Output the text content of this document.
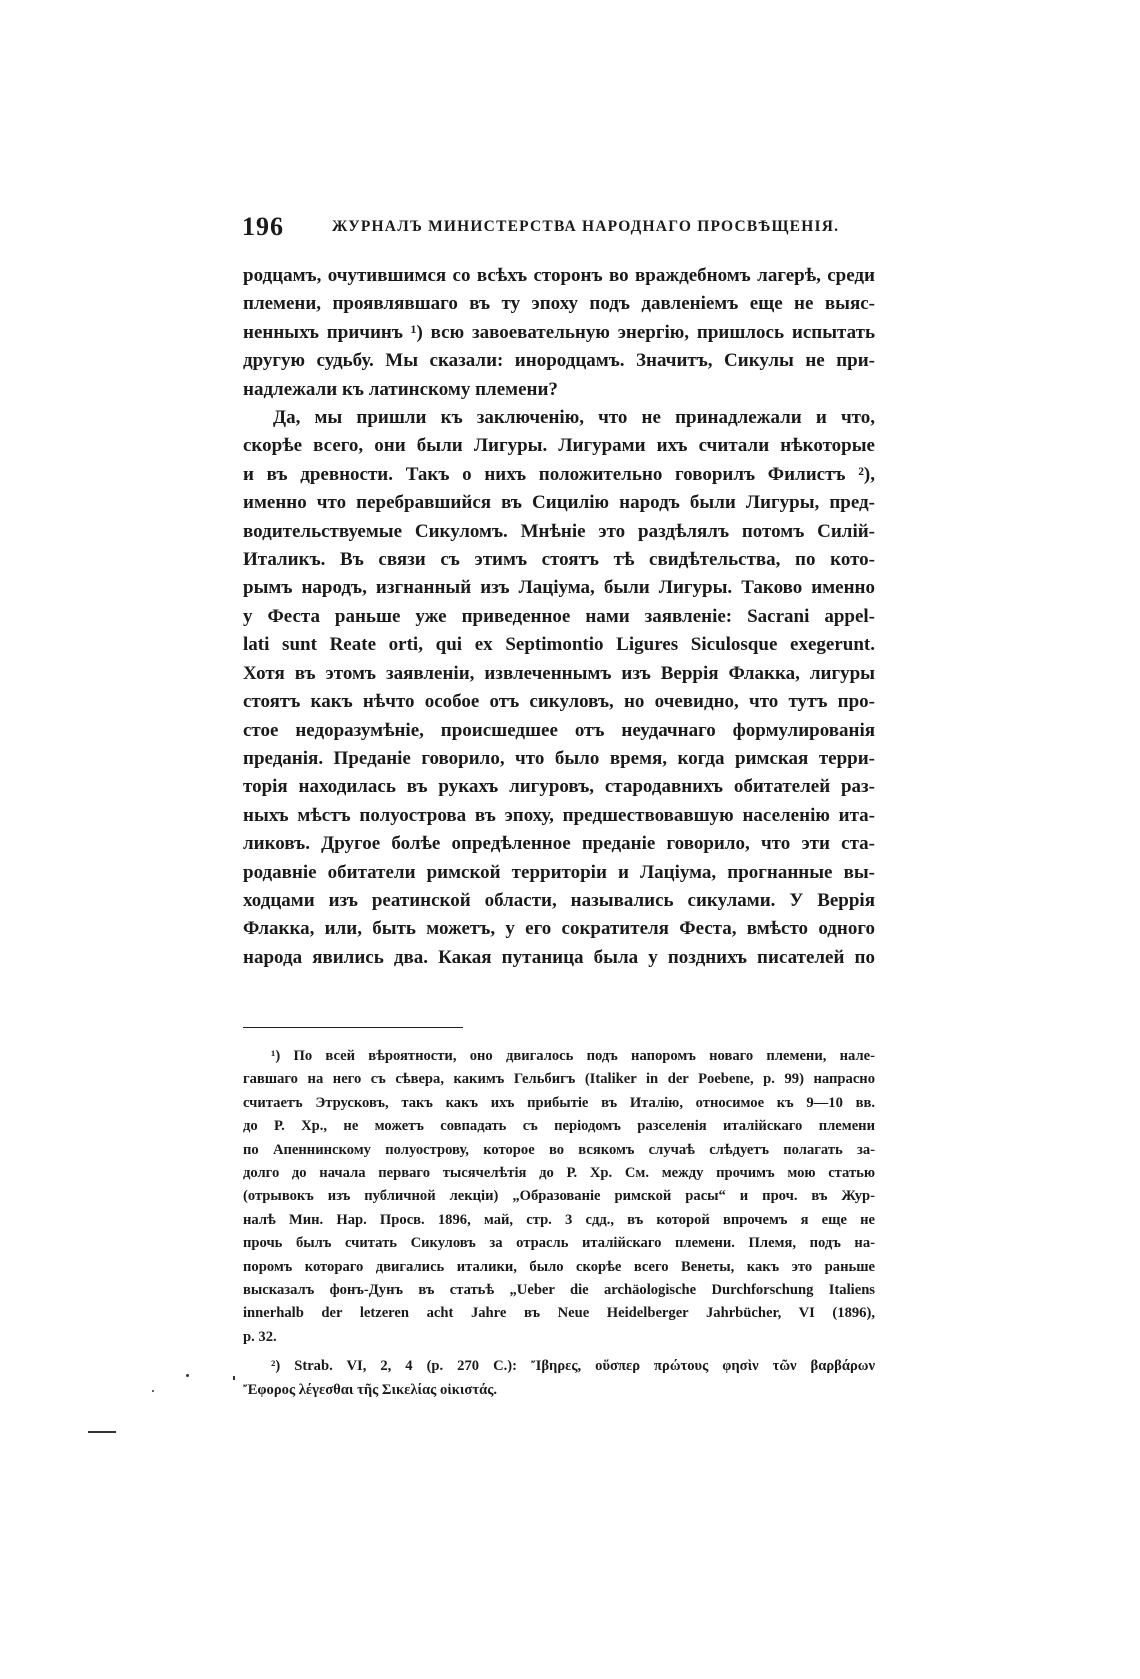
196	ЖУРНАЛЪ МИНИСТЕРСТВА НАРОДНАГО ПРОСВѢЩЕНІЯ.

родцамъ, очутившимся со всѣхъ сторонъ во враждебномъ лагерѣ, среди
племени, проявлявшаго въ ту эпоху подъ давленіемъ еще не выяс-
ненныхъ причинъ ¹) всю завоевательную энергію, пришлось испытать
другую судьбу. Мы сказали: инородцамъ. Значитъ, Сикулы не при-
надлежали къ латинскому племени?

Да, мы пришли къ заключенію, что не принадлежали и что,
скорѣе всего, они были Лигуры. Лигурами ихъ считали нѣкоторые
и въ древности. Такъ о нихъ положительно говорилъ Филистъ ²),
именно что перебравшийся въ Сицилію народъ были Лигуры, пред-
водительствуемые Сикуломъ. Мнѣніе это раздѣлялъ потомъ Силій-
Италикъ. Въ связи съ этимъ стоятъ тѣ свидѣтельства, по кото-
рымъ народъ, изгнанный изъ Лаціума, были Лигуры. Таково именно
у Феста раньше уже приведенное нами заявленіе: Sacrani appel-
lati sunt Reate orti, qui ex Septimontio Ligures Siculosque exegerunt.
Хотя въ этомъ заявленіи, извлеченнымъ изъ Веррія Флакка, лигуры
стоятъ какъ нѣчто особое отъ сикуловъ, но очевидно, что тутъ про-
стое недоразумѣніе, происшедшее отъ неудачнаго формулированія
преданія. Преданіе говорило, что было время, когда римская терри-
торія находилась въ рукахъ лигуровъ, стародавнихъ обитателей раз-
ныхъ мѣстъ полуострова въ эпоху, предшествовавшую населенію ита-
ликовъ. Другое болѣе опредѣленное преданіе говорило, что эти ста-
родавніе обитатели римской территоріи и Лаціума, прогнанные вы-
ходцами изъ реатинской области, назывались сикулами. У Веррія
Флакка, или, быть можетъ, у его сократителя Феста, вмѣсто одного
народа явились два. Какая путаница была у позднихъ писателей по

¹) По всей вѣроятности, оно двигалось подъ напоромъ новаго племени, нале-
гавшаго на него съ сѣвера, какимъ Гельбигъ (Italiker in der Poebene, p. 99) напрасно
считаетъ Этрусковъ, такъ какъ ихъ прибытіе въ Италію, относимое къ 9—10 вв.
до Р. Хр., не можетъ совпадать съ періодомъ разселенія италійскаго племени
по Апеннинскому полуострову, которое во всякомъ случаѣ слѣдуетъ полагать за-
долго до начала перваго тысячелѣтія до Р. Хр. См. между прочимъ мою статью
(отрывокъ изъ публичной лекціи) „Образованіе римской расы“ и проч. въ Жур-
налѣ Мин. Нар. Просв. 1896, май, стр. 3 сдд., въ которой впрочемъ я еще не
прочь былъ считать Сикуловъ за отрасль италійскаго племени. Племя, подъ на-
поромъ котораго двигались италики, было скорѣе всего Венеты, какъ это раньше
высказалъ фонъ-Дунъ въ статьѣ „Ueber die archäologische Durchforschung Italiens
innerhalb der letzeren acht Jahre въ Neue Heidelberger Jahrbücher, VI (1896),
p. 32.
²) Strab. VI, 2, 4 (p. 270 C.): Ἴβηρες, οὕσπερ πρώτους φησὶν τῶν βαρβάρων
Ἔφορος λέγεσθαι τῆς Σικελίας οἰκιστάς.
